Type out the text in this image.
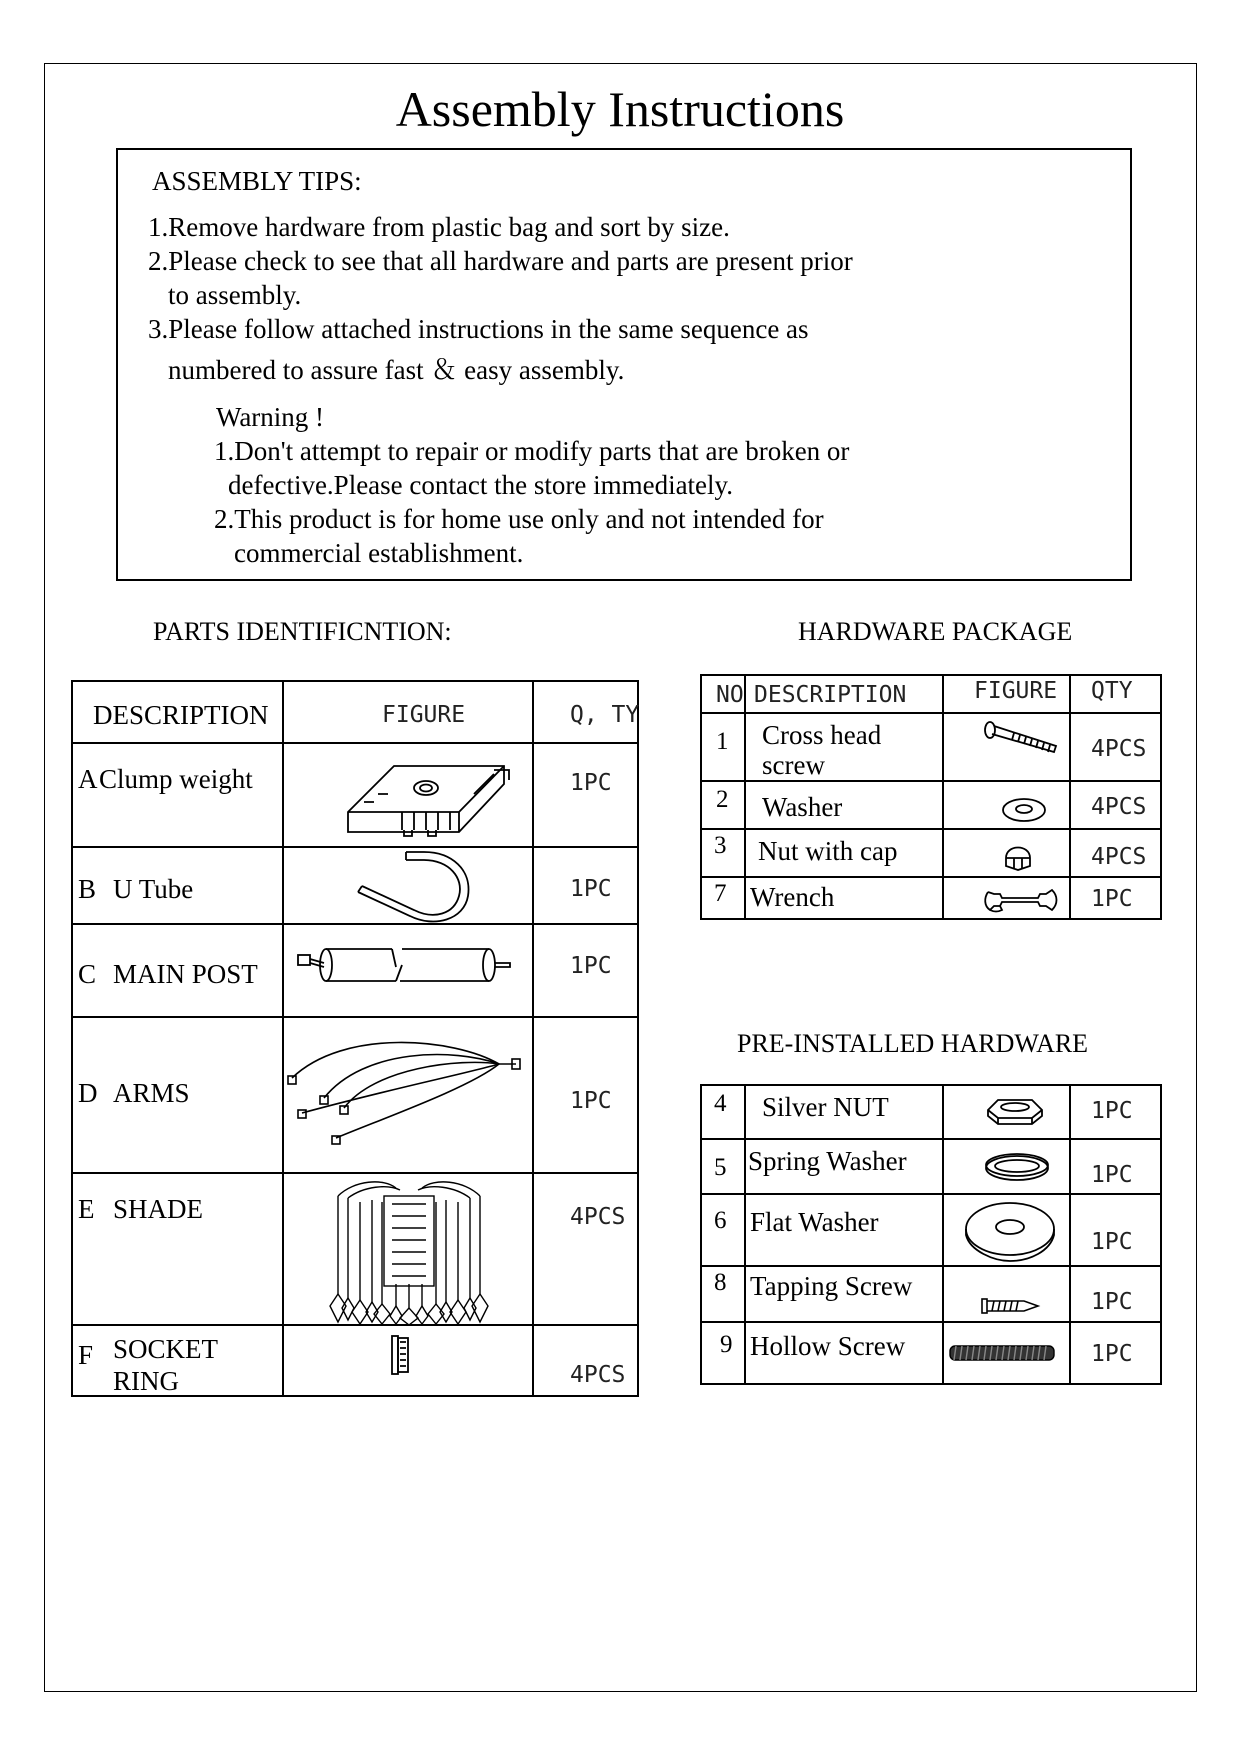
Assembly Instructions
ASSEMBLY TIPS:
1.Remove hardware from plastic bag and sort by size.
2.Please check to see that all hardware and parts are present prior
to assembly.
3.Please follow attached instructions in the same sequence as
numbered to assure fast ＆ easy assembly.
Warning !
1.Don't attempt to repair or modify parts that are broken or
defective.Please contact the store immediately.
2.This product is for home use only and not intended for
commercial establishment.
PARTS IDENTIFICNTION:	HARDWARE PACKAGE
PRE-INSTALLED HARDWARE
DESCRIPTION	FIGURE	Q, TY

A Clump weight		1PC

B U Tube		1PC

C MAIN POST		1PC

D ARMS		1PC

E SHADE		4PCS

F SOCKET
RING		4PCS
NO	DESCRIPTION	FIGURE	QTY

1	Cross head
screw		4PCS

2	Washer		4PCS

3	Nut with cap		4PCS

7	Wrench		1PC
4	Silver NUT		1PC

5	Spring Washer		1PC

6	Flat Washer		1PC

8	Tapping Screw		1PC

9	Hollow Screw		1PC
